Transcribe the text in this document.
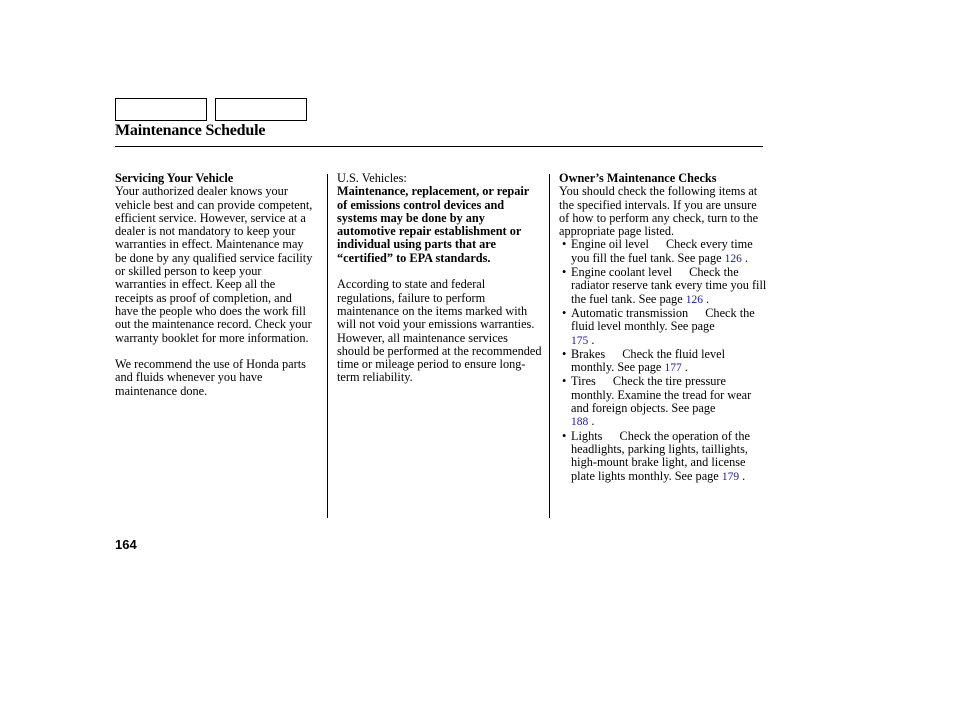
Maintenance Schedule

Servicing Your Vehicle

Your authorized dealer knows your vehicle best and can provide competent, efficient service. However, service at a dealer is not mandatory to keep your warranties in effect. Maintenance may be done by any qualified service facility or skilled person to keep your warranties in effect. Keep all the receipts as proof of completion, and have the people who does the work fill out the maintenance record. Check your warranty booklet for more information.

We recommend the use of Honda parts and fluids whenever you have maintenance done.

U.S. Vehicles:

Maintenance, replacement, or repair of emissions control devices and systems may be done by any automotive repair establishment or individual using parts that are “certified” to EPA standards.

According to state and federal regulations, failure to perform maintenance on the items marked withwill not void your emissions warranties. However, all maintenance services should be performed at the recommended time or mileage period to ensure long-term reliability.

Owner’s Maintenance Checks

You should check the following items at the specified intervals. If you are unsure of how to perform any check, turn to the appropriate page listed.

• Engine oil level Check every time you fill the fuel tank. See page 126 .
• Engine coolant level Check the radiator reserve tank every time you fill the fuel tank. See page 126 .
• Automatic transmission Check the fluid level monthly. See page
175 .
• Brakes Check the fluid level monthly. See page 177 .
• Tires Check the tire pressure monthly. Examine the tread for wear and foreign objects. See page
188 .
• Lights Check the operation of the headlights, parking lights, taillights, high-mount brake light, and license plate lights monthly. See page 179 .
164
